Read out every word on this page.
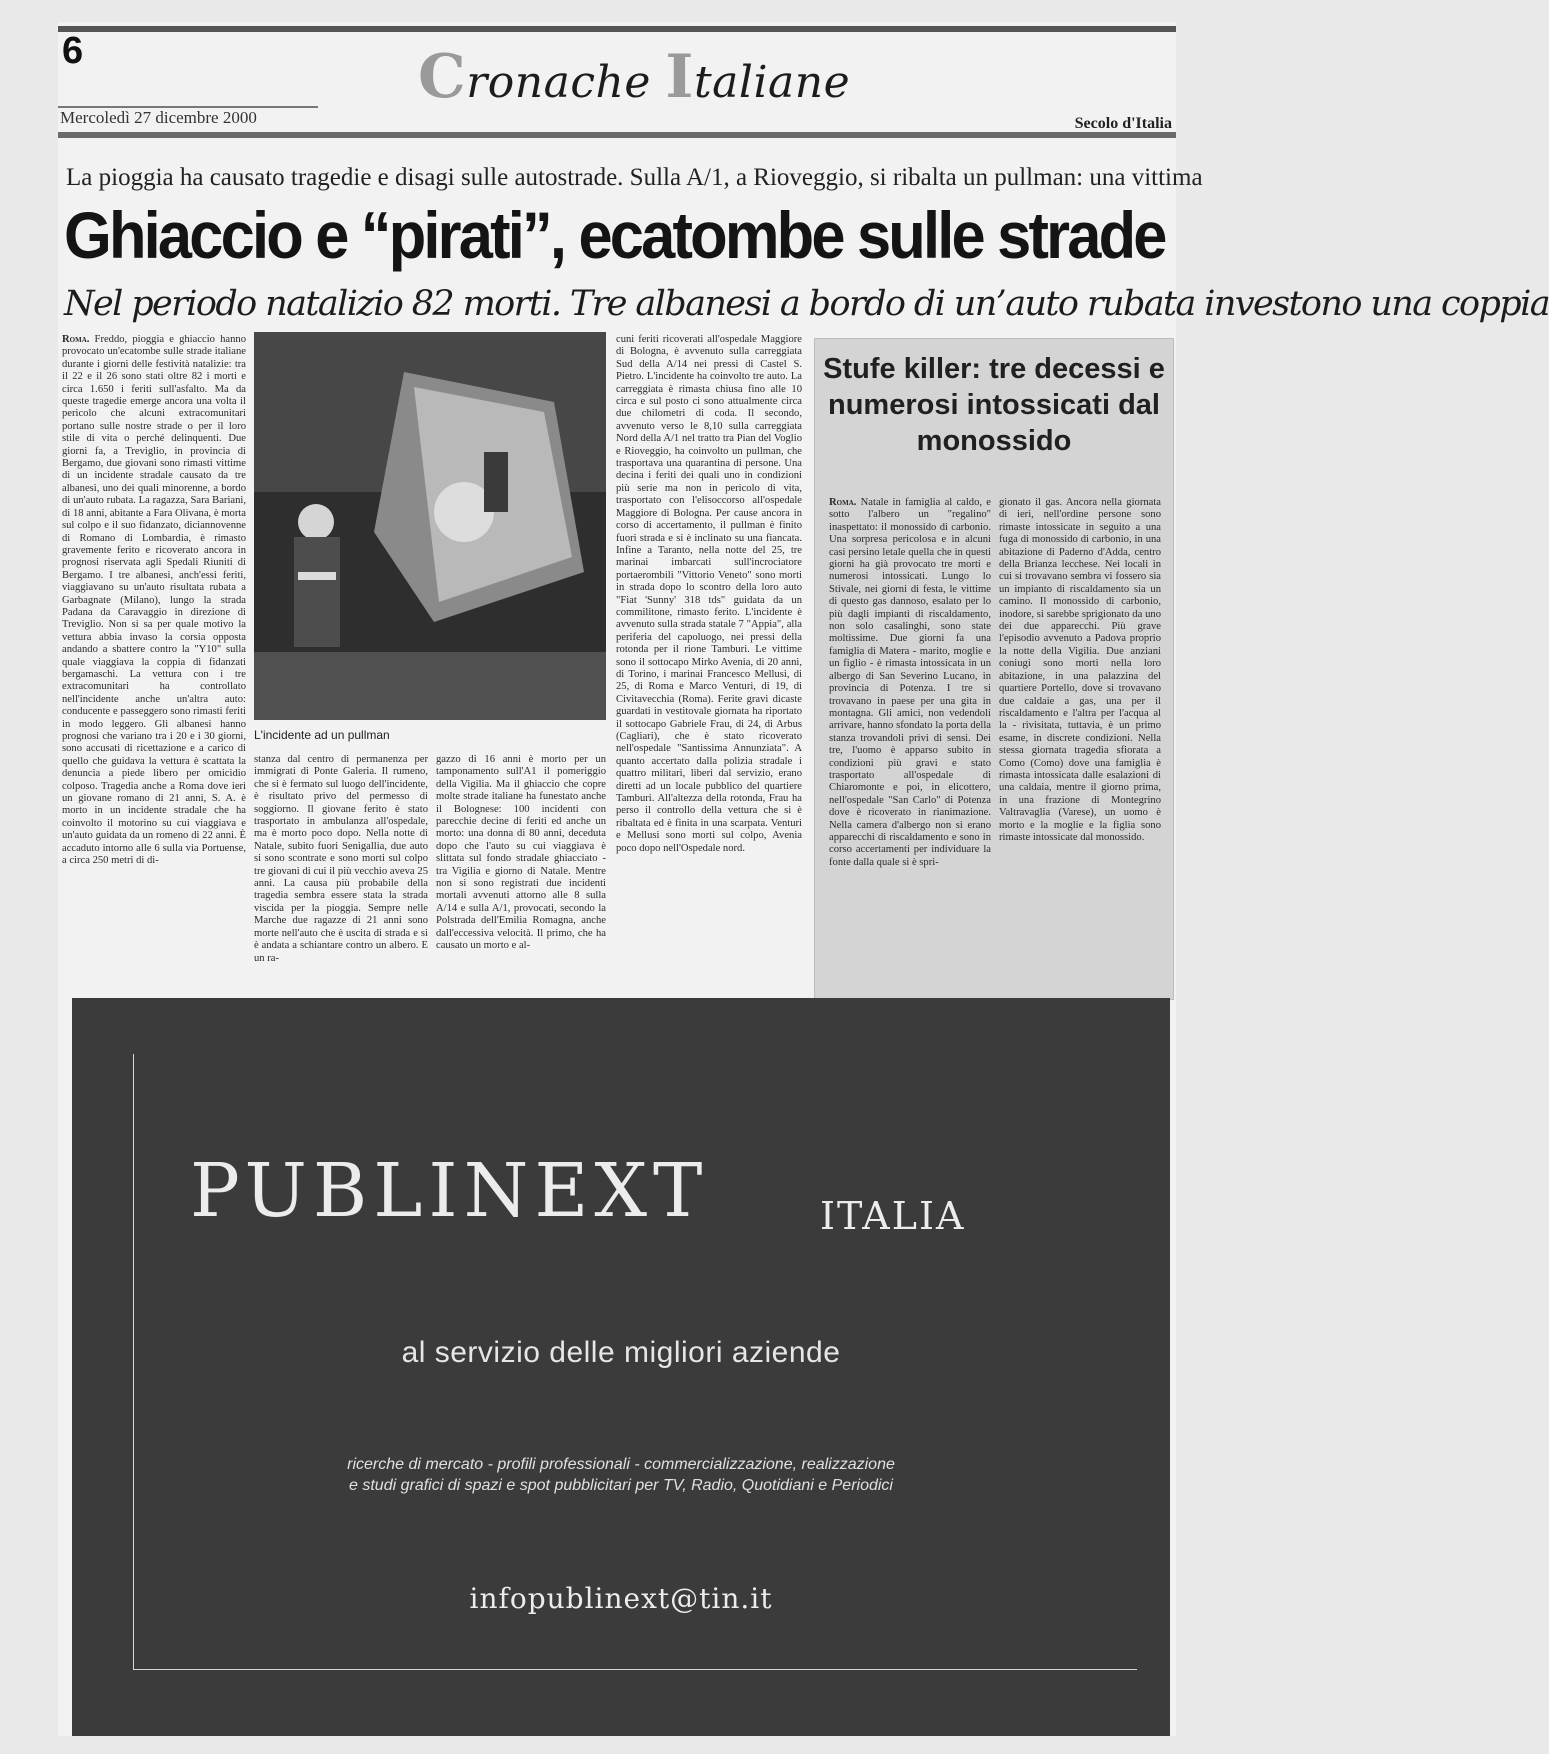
6	Cronache Italiane
Mercoledì 27 dicembre 2000	Secolo d'Italia
La pioggia ha causato tragedie e disagi sulle autostrade. Sulla A/1, a Rioveggio, si ribalta un pullman: una vittima
Ghiaccio e “pirati”, ecatombe sulle strade
Nel periodo natalizio 82 morti. Tre albanesi a bordo di un’auto rubata investono una coppia
Roma. Freddo, pioggia e ghiaccio hanno provocato un'ecatombe sulle strade italiane durante i giorni delle festività natalizie: tra il 22 e il 26 sono stati oltre 82 i morti e circa 1.650 i feriti sull'asfalto. Ma da queste tragedie emerge ancora una volta il pericolo che alcuni extracomunitari portano sulle nostre strade o per il loro stile di vita o perché delinquenti. Due giorni fa, a Treviglio, in provincia di Bergamo, due giovani sono rimasti vittime di un incidente stradale causato da tre albanesi, uno dei quali minorenne, a bordo di un'auto rubata. La ragazza, Sara Bariani, di 18 anni, abitante a Fara Olivana, è morta sul colpo e il suo fidanzato, diciannovenne di Romano di Lombardia, è rimasto gravemente ferito e ricoverato ancora in prognosi riservata agli Spedali Riuniti di Bergamo. I tre albanesi, anch'essi feriti, viaggiavano su un'auto risultata rubata a Garbagnate (Milano), lungo la strada Padana da Caravaggio in direzione di Treviglio. Non si sa per quale motivo la vettura abbia invaso la corsia opposta andando a sbattere contro la "Y10" sulla quale viaggiava la coppia di fidanzati bergamaschi. La vettura con i tre extracomunitari ha controllato nell'incidente anche un'altra auto: conducente e passeggero sono rimasti feriti in modo leggero. Gli albanesi hanno prognosi che variano tra i 20 e i 30 giorni, sono accusati di ricettazione e a carico di quello che guidava la vettura è scattata la denuncia a piede libero per omicidio colposo. Tragedia anche a Roma dove ieri un giovane romano di 21 anni, S. A. è morto in un incidente stradale che ha coinvolto il motorino su cui viaggiava e un'auto guidata da un romeno di 22 anni. È accaduto intorno alle 6 sulla via Portuense, a circa 250 metri di di-
L'incidente ad un pullman
stanza dal centro di permanenza per immigrati di Ponte Galeria. Il rumeno, che si è fermato sul luogo dell'incidente, è risultato privo del permesso di soggiorno. Il giovane ferito è stato trasportato in ambulanza all'ospedale, ma è morto poco dopo. Nella notte di Natale, subito fuori Senigallia, due auto si sono scontrate e sono morti sul colpo tre giovani di cui il più vecchio aveva 25 anni. La causa più probabile della tragedia sembra essere stata la strada viscida per la pioggia. Sempre nelle Marche due ragazze di 21 anni sono morte nell'auto che è uscita di strada e si è andata a schiantare contro un albero. E un ra-
gazzo di 16 anni è morto per un tamponamento sull'A1 il pomeriggio della Vigilia. Ma il ghiaccio che copre molte strade italiane ha funestato anche il Bolognese: 100 incidenti con parecchie decine di feriti ed anche un morto: una donna di 80 anni, deceduta dopo che l'auto su cui viaggiava è slittata sul fondo stradale ghiacciato - tra Vigilia e giorno di Natale. Mentre non si sono registrati due incidenti mortali avvenuti attorno alle 8 sulla A/14 e sulla A/1, provocati, secondo la Polstrada dell'Emilia Romagna, anche dall'eccessiva velocità. Il primo, che ha causato un morto e al-
cuni feriti ricoverati all'ospedale Maggiore di Bologna, è avvenuto sulla carreggiata Sud della A/14 nei pressi di Castel S. Pietro. L'incidente ha coinvolto tre auto. La carreggiata è rimasta chiusa fino alle 10 circa e sul posto ci sono attualmente circa due chilometri di coda. Il secondo, avvenuto verso le 8,10 sulla carreggiata Nord della A/1 nel tratto tra Pian del Voglio e Rioveggio, ha coinvolto un pullman, che trasportava una quarantina di persone. Una decina i feriti dei quali uno in condizioni più serie ma non in pericolo di vita, trasportato con l'elisoccorso all'ospedale Maggiore di Bologna. Per cause ancora in corso di accertamento, il pullman è finito fuori strada e si è inclinato su una fiancata. Infine a Taranto, nella notte del 25, tre marinai imbarcati sull'incrociatore portaerombili "Vittorio Veneto" sono morti in strada dopo lo scontro della loro auto "Fiat 'Sunny' 318 tds" guidata da un commilitone, rimasto ferito. L'incidente è avvenuto sulla strada statale 7 "Appia", alla periferia del capoluogo, nei pressi della rotonda per il rione Tamburi. Le vittime sono il sottocapo Mirko Avenia, di 20 anni, di Torino, i marinai Francesco Mellusi, di 25, di Roma e Marco Venturi, di 19, di Civitavecchia (Roma). Ferite gravi dicaste guardati in vestitovale giornata ha riportato il sottocapo Gabriele Frau, di 24, di Arbus (Cagliari), che è stato ricoverato nell'ospedale "Santissima Annunziata". A quanto accertato dalla polizia stradale i quattro militari, liberi dal servizio, erano diretti ad un locale pubblico del quartiere Tamburi. All'altezza della rotonda, Frau ha perso il controllo della vettura che si è ribaltata ed è finita in una scarpata. Venturi e Mellusi sono morti sul colpo, Avenia poco dopo nell'Ospedale nord.
Stufe killer: tre decessi e numerosi intossicati dal monossido
Roma. Natale in famiglia al caldo, e sotto l'albero un "regalino" inaspettato: il monossido di carbonio. Una sorpresa pericolosa e in alcuni casi persino letale quella che in questi giorni ha già provocato tre morti e numerosi intossicati. Lungo lo Stivale, nei giorni di festa, le vittime di questo gas dannoso, esalato per lo più dagli impianti di riscaldamento, non solo casalinghi, sono state moltissime. Due giorni fa una famiglia di Matera - marito, moglie e un figlio - è rimasta intossicata in un albergo di San Severino Lucano, in provincia di Potenza. I tre si trovavano in paese per una gita in montagna. Gli amici, non vedendoli arrivare, hanno sfondato la porta della stanza trovandoli privi di sensi. Dei tre, l'uomo è apparso subito in condizioni più gravi e stato trasportato all'ospedale di Chiaromonte e poi, in elicottero, nell'ospedale "San Carlo" di Potenza dove è ricoverato in rianimazione. Nella camera d'albergo non si erano apparecchi di riscaldamento e sono in corso accertamenti per individuare la fonte dalla quale si è spri-
gionato il gas. Ancora nella giornata di ieri, nell'ordine persone sono rimaste intossicate in seguito a una fuga di monossido di carbonio, in una abitazione di Paderno d'Adda, centro della Brianza lecchese. Nei locali in cui si trovavano sembra vi fossero sia un impianto di riscaldamento sia un camino. Il monossido di carbonio, inodore, si sarebbe sprigionato da uno dei due apparecchi. Più grave l'episodio avvenuto a Padova proprio la notte della Vigilia. Due anziani coniugi sono morti nella loro abitazione, in una palazzina del quartiere Portello, dove si trovavano due caldaie a gas, una per il riscaldamento e l'altra per l'acqua al la - rivisitata, tuttavia, è un primo esame, in discrete condizioni. Nella stessa giornata tragedia sfiorata a Como (Como) dove una famiglia è rimasta intossicata dalle esalazioni di una caldaia, mentre il giorno prima, in una frazione di Montegrino Valtravaglia (Varese), un uomo è morto e la moglie e la figlia sono rimaste intossicate dal monossido.
PUBLINEXT	ITALIA
al servizio delle migliori aziende
ricerche di mercato - profili professionali - commercializzazione, realizzazione
e studi grafici di spazi e spot pubblicitari per TV, Radio, Quotidiani e Periodici
infopublinext@tin.it
